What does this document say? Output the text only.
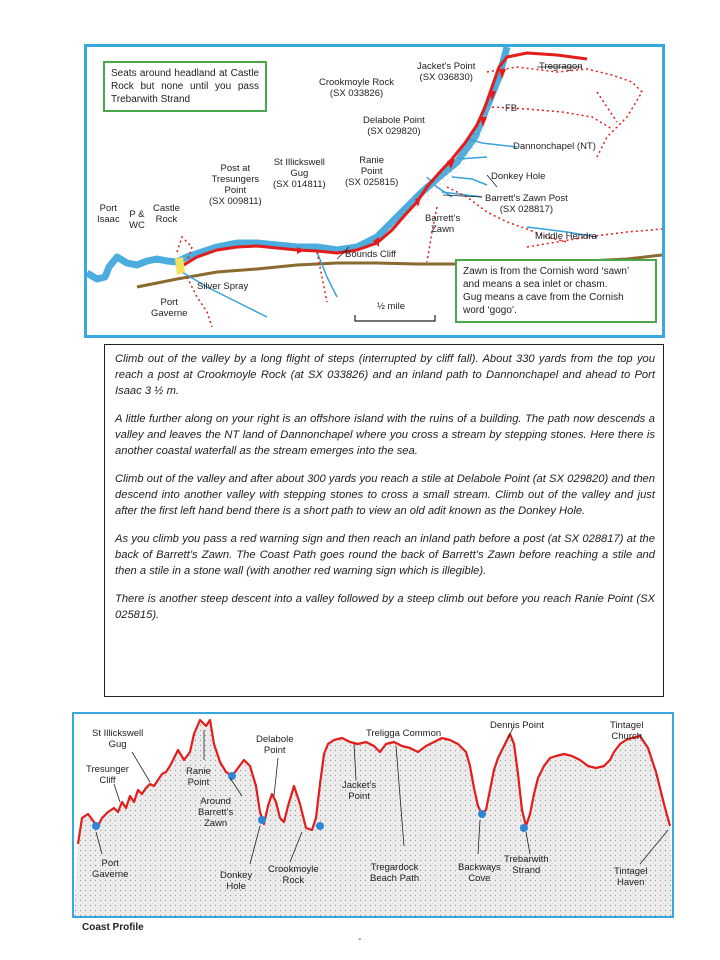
Seats around headland at Castle Rock but none until you pass Trebarwith Strand

Zawn is from the Cornish word ‘sawn’
and means a sea inlet or chasm.
Gug means a cave from the Cornish
word ‘gogo’.
Tregragon
Jacket’s Point
(SX 036830)
Crookmoyle Rock
(SX 033826)
FB
Delabole Point
(SX 029820)
Dannonchapel (NT)
Ranie
Point
(SX 025815)
Donkey Hole
Barrett’s Zawn Post
(SX 028817)
Barrett’s
Zawn
Middle Hendra
St Illickswell
Gug
(SX 014811)
Post at
Tresungers
Point
(SX 009811)
Port
Isaac P &
WC
Castle
Rock
Silver Spray
Port
Gaverne
Bounds Cliff
½ mile

Climb out of the valley by a long flight of steps (interrupted by cliff fall). About 330 yards from the top you reach a post at Crookmoyle Rock (at SX 033826) and an inland path to Dannonchapel and ahead to Port Isaac 3 ½ m.

A little further along on your right is an offshore island with the ruins of a building. The path now descends a valley and leaves the NT land of Dannonchapel where you cross a stream by stepping stones. Here there is another coastal waterfall as the stream emerges into the sea.

Climb out of the valley and after about 300 yards you reach a stile at Delabole Point (at SX 029820) and then descend into another valley with stepping stones to cross a small stream. Climb out of the valley and just after the first left hand bend there is a short path to view an old adit known as the Donkey Hole.

As you climb you pass a red warning sign and then reach an inland path before a post (at SX 028817) at the back of Barrett’s Zawn. The Coast Path goes round the back of Barrett’s Zawn before reaching a stile and then a stile in a stone wall (with another red warning sign which is illegible).

There is another steep descent into a valley followed by a steep climb out before you reach Ranie Point (SX 025815).

St Illickswell
Gug
Tresunger
Cliff
Ranie
Point
Delabole
Point
Treligga Common
Dennis Point	Tintagel
Church
Jacket’s
Point
Around
Barrett’s
Zawn
Port
Gaverne	Donkey
Hole
Crookmoyle
Rock
Tregardock
Beach Path
Backways
Cove
Trebarwith
Strand	Tintagel
Haven
Coast Profile
-
